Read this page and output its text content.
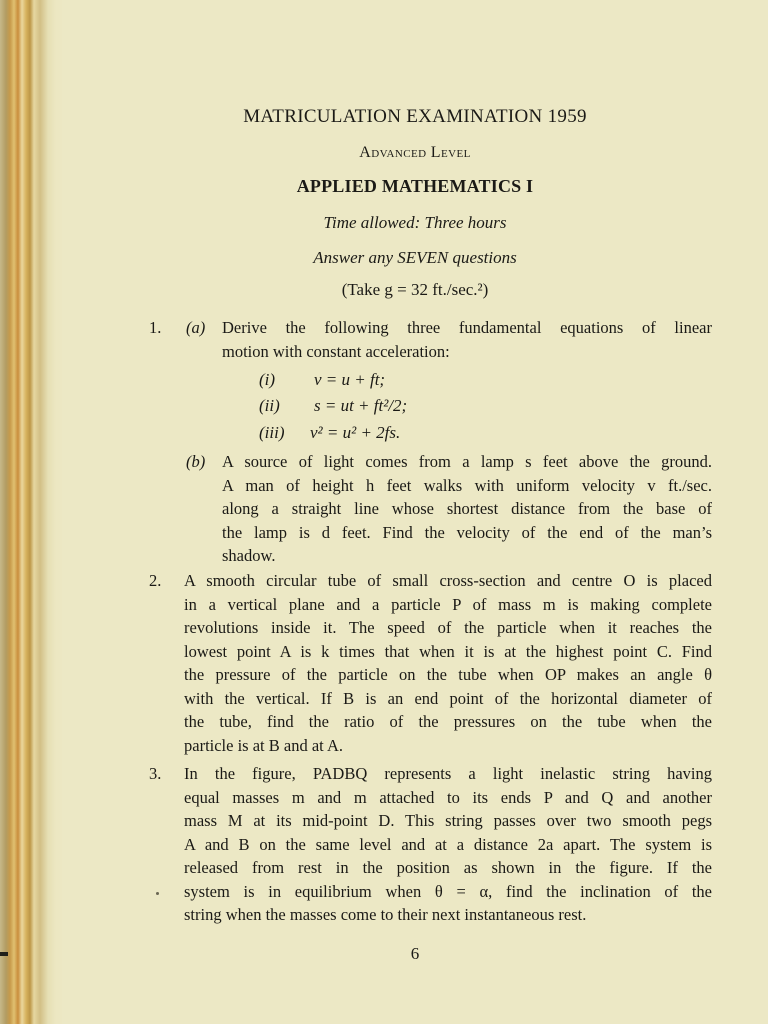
MATRICULATION EXAMINATION 1959
Advanced Level
APPLIED MATHEMATICS I
Time allowed: Three hours
Answer any SEVEN questions
(Take g = 32 ft./sec.²)
1. (a) Derive the following three fundamental equations of linear
motion with constant acceleration:
(i) v = u + ft;
(ii) s = ut + ft²/2;
(iii) v² = u² + 2fs.
(b) A source of light comes from a lamp s feet above the ground.
A man of height h feet walks with uniform velocity v ft./sec.
along a straight line whose shortest distance from the base of
the lamp is d feet. Find the velocity of the end of the man’s
shadow.
2. A smooth circular tube of small cross-section and centre O is placed
in a vertical plane and a particle P of mass m is making complete
revolutions inside it. The speed of the particle when it reaches the
lowest point A is k times that when it is at the highest point C. Find
the pressure of the particle on the tube when OP makes an angle θ
with the vertical. If B is an end point of the horizontal diameter of
the tube, find the ratio of the pressures on the tube when the
particle is at B and at A.
3. In the figure, PADBQ represents a light inelastic string having
equal masses m and m attached to its ends P and Q and another
mass M at its mid-point D. This string passes over two smooth pegs
A and B on the same level and at a distance 2a apart. The system is
released from rest in the position as shown in the figure. If the
system is in equilibrium when θ = α, find the inclination of the
string when the masses come to their next instantaneous rest.
6
